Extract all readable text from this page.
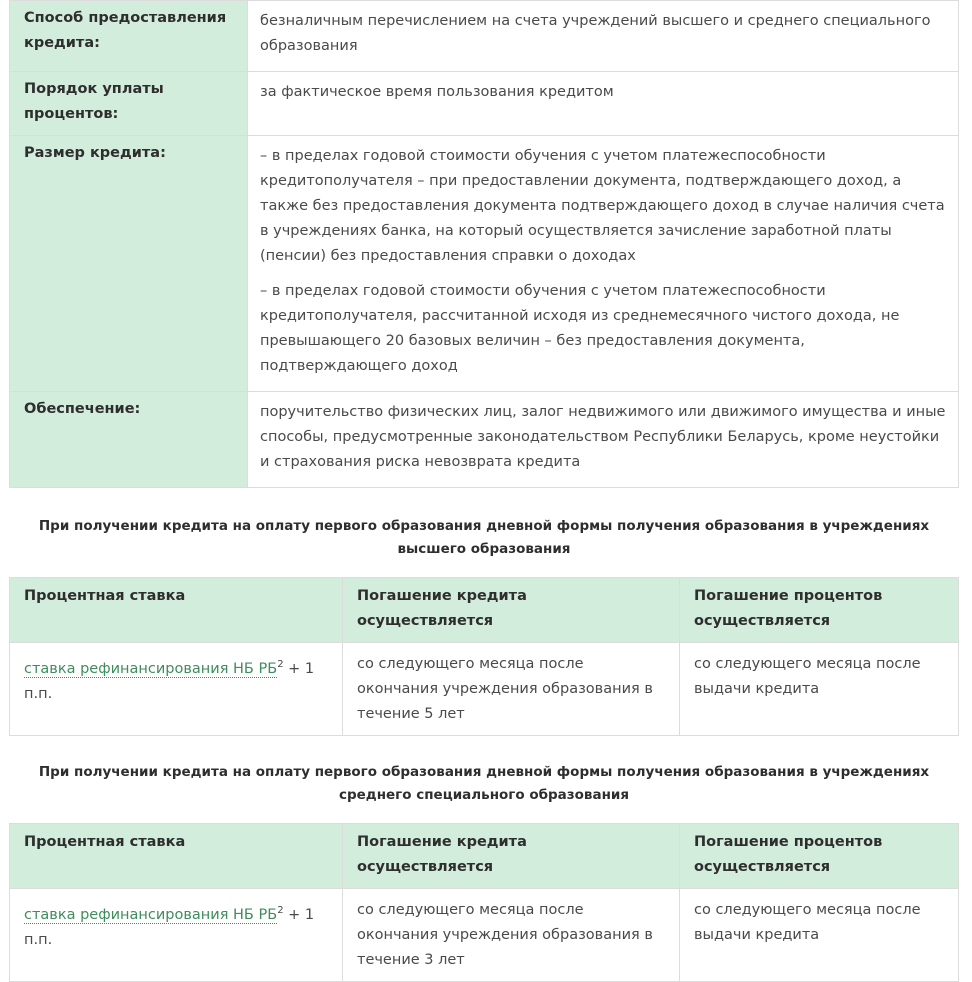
Способ предоставления кредита:	безналичным перечислением на счета учреждений высшего и среднего специального образования

Порядок уплаты процентов:	за фактическое время пользования кредитом

Размер кредита:	– в пределах годовой стоимости обучения с учетом платежеспособности кредитополучателя – при предоставлении документа, подтверждающего доход, а также без предоставления документа подтверждающего доход в случае наличия счета в учреждениях банка, на который осуществляется зачисление заработной платы (пенсии) без предоставления справки о доходах

– в пределах годовой стоимости обучения с учетом платежеспособности кредитополучателя, рассчитанной исходя из среднемесячного чистого дохода, не превышающего 20 базовых величин – без предоставления документа, подтверждающего доход

Обеспечение:	поручительство физических лиц, залог недвижимого или движимого имущества и иные способы, предусмотренные законодательством Республики Беларусь, кроме неустойки и страхования риска невозврата кредита

При получении кредита на оплату первого образования дневной формы получения образования в учреждениях высшего образования
Процентная ставка	Погашение кредита осуществляется	Погашение процентов осуществляется
ставка рефинансирования НБ $РБ^2 + 1$ п.п.	со следующего месяца после окончания учреждения образования в течение 5 лет	со следующего месяца после выдачи кредита
При получении кредита на оплату первого образования дневной формы получения образования в учреждениях среднего специального образования
Процентная ставка	Погашение кредита осуществляется	Погашение процентов осуществляется
ставка рефинансирования НБ $РБ^2 + 1$ п.п.	со следующего месяца после окончания учреждения образования в течение 3 лет	со следующего месяца после выдачи кредита
